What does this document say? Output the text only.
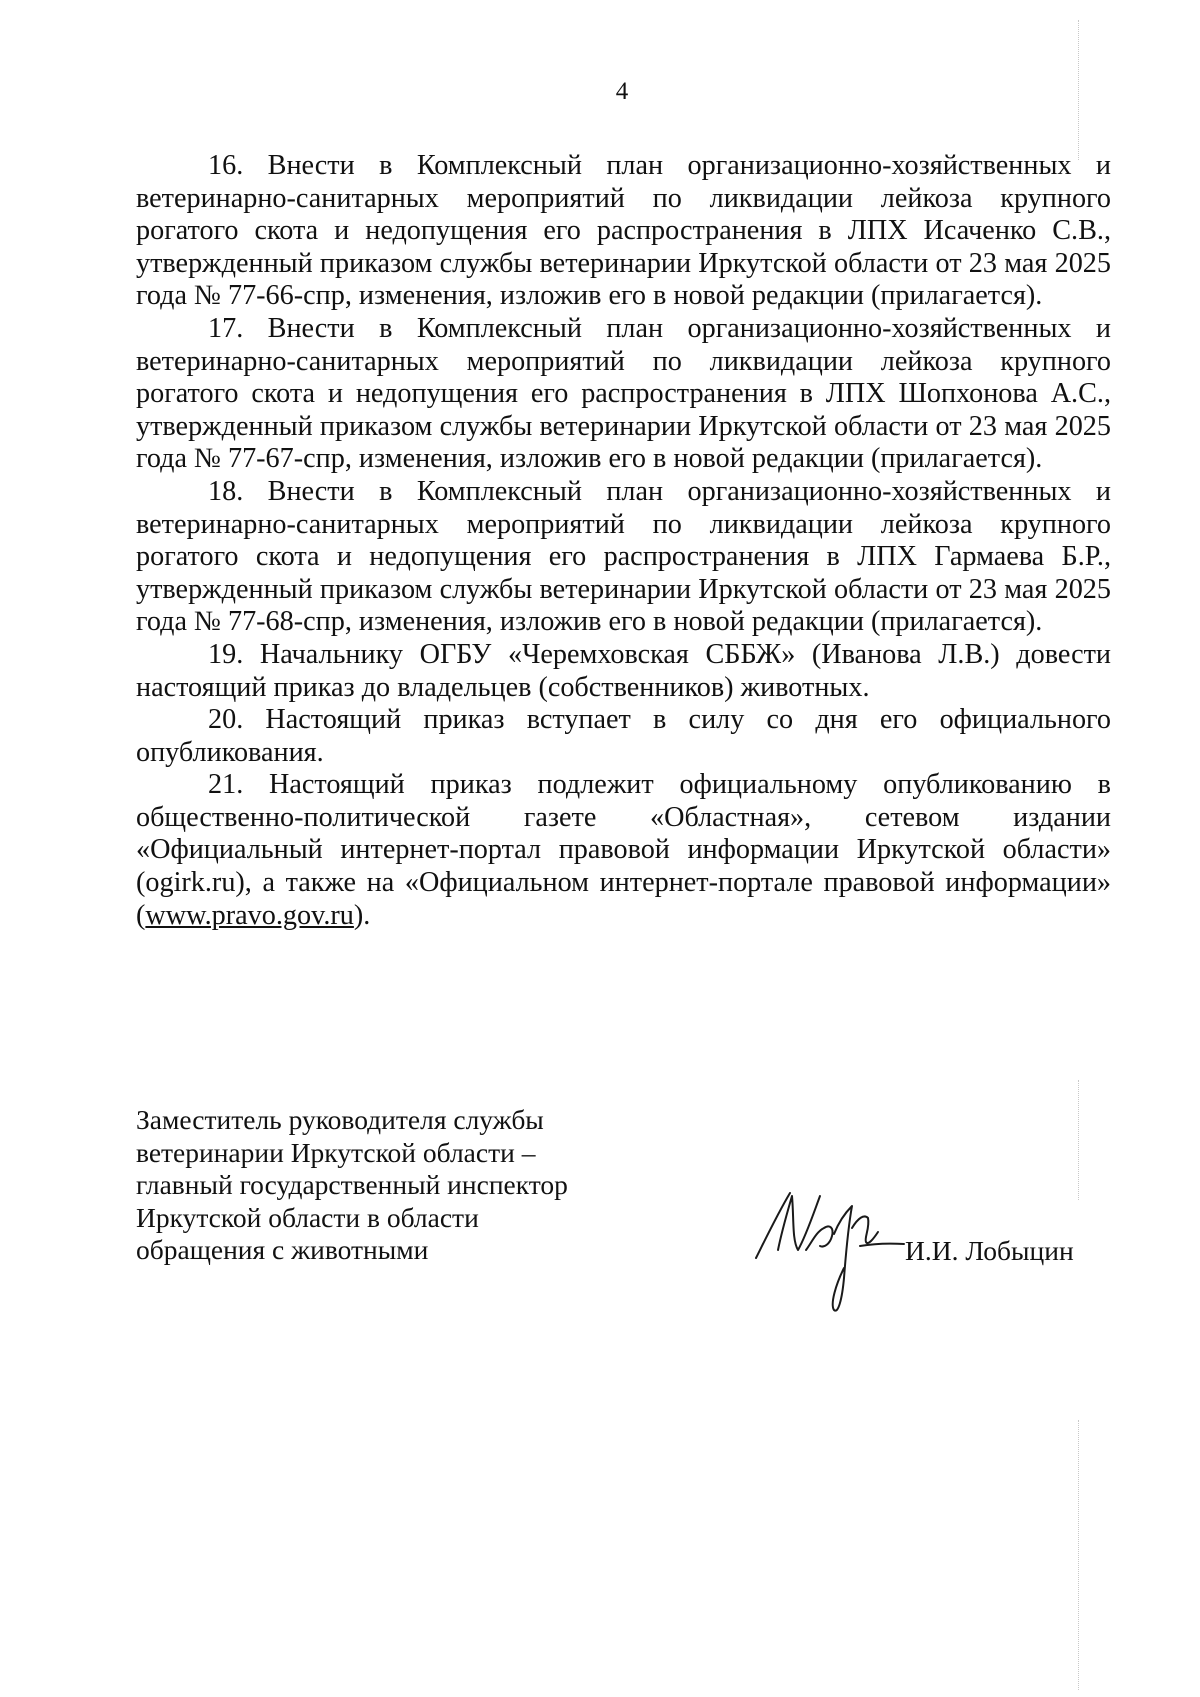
4

16. Внести в Комплексный план организационно-хозяйственных и ветеринарно-санитарных мероприятий по ликвидации лейкоза крупного рогатого скота и недопущения его распространения в ЛПХ Исаченко С.В., утвержденный приказом службы ветеринарии Иркутской области от 23 мая 2025 года № 77-66-спр, изменения, изложив его в новой редакции (прилагается).

17. Внести в Комплексный план организационно-хозяйственных и ветеринарно-санитарных мероприятий по ликвидации лейкоза крупного рогатого скота и недопущения его распространения в ЛПХ Шопхонова А.С., утвержденный приказом службы ветеринарии Иркутской области от 23 мая 2025 года № 77-67-спр, изменения, изложив его в новой редакции (прилагается).

18. Внести в Комплексный план организационно-хозяйственных и ветеринарно-санитарных мероприятий по ликвидации лейкоза крупного рогатого скота и недопущения его распространения в ЛПХ Гармаева Б.Р., утвержденный приказом службы ветеринарии Иркутской области от 23 мая 2025 года № 77-68-спр, изменения, изложив его в новой редакции (прилагается).

19. Начальнику ОГБУ «Черемховская СББЖ» (Иванова Л.В.) довести настоящий приказ до владельцев (собственников) животных.

20. Настоящий приказ вступает в силу со дня его официального опубликования.

21. Настоящий приказ подлежит официальному опубликованию в общественно-политической газете «Областная», сетевом издании «Официальный интернет-портал правовой информации Иркутской области» (ogirk.ru), а также на «Официальном интернет-портале правовой информации» (www.pravo.gov.ru).

Заместитель руководителя службы
ветеринарии Иркутской области –
главный государственный инспектор
Иркутской области в области
обращения с животными	И.И. Лобыцин
